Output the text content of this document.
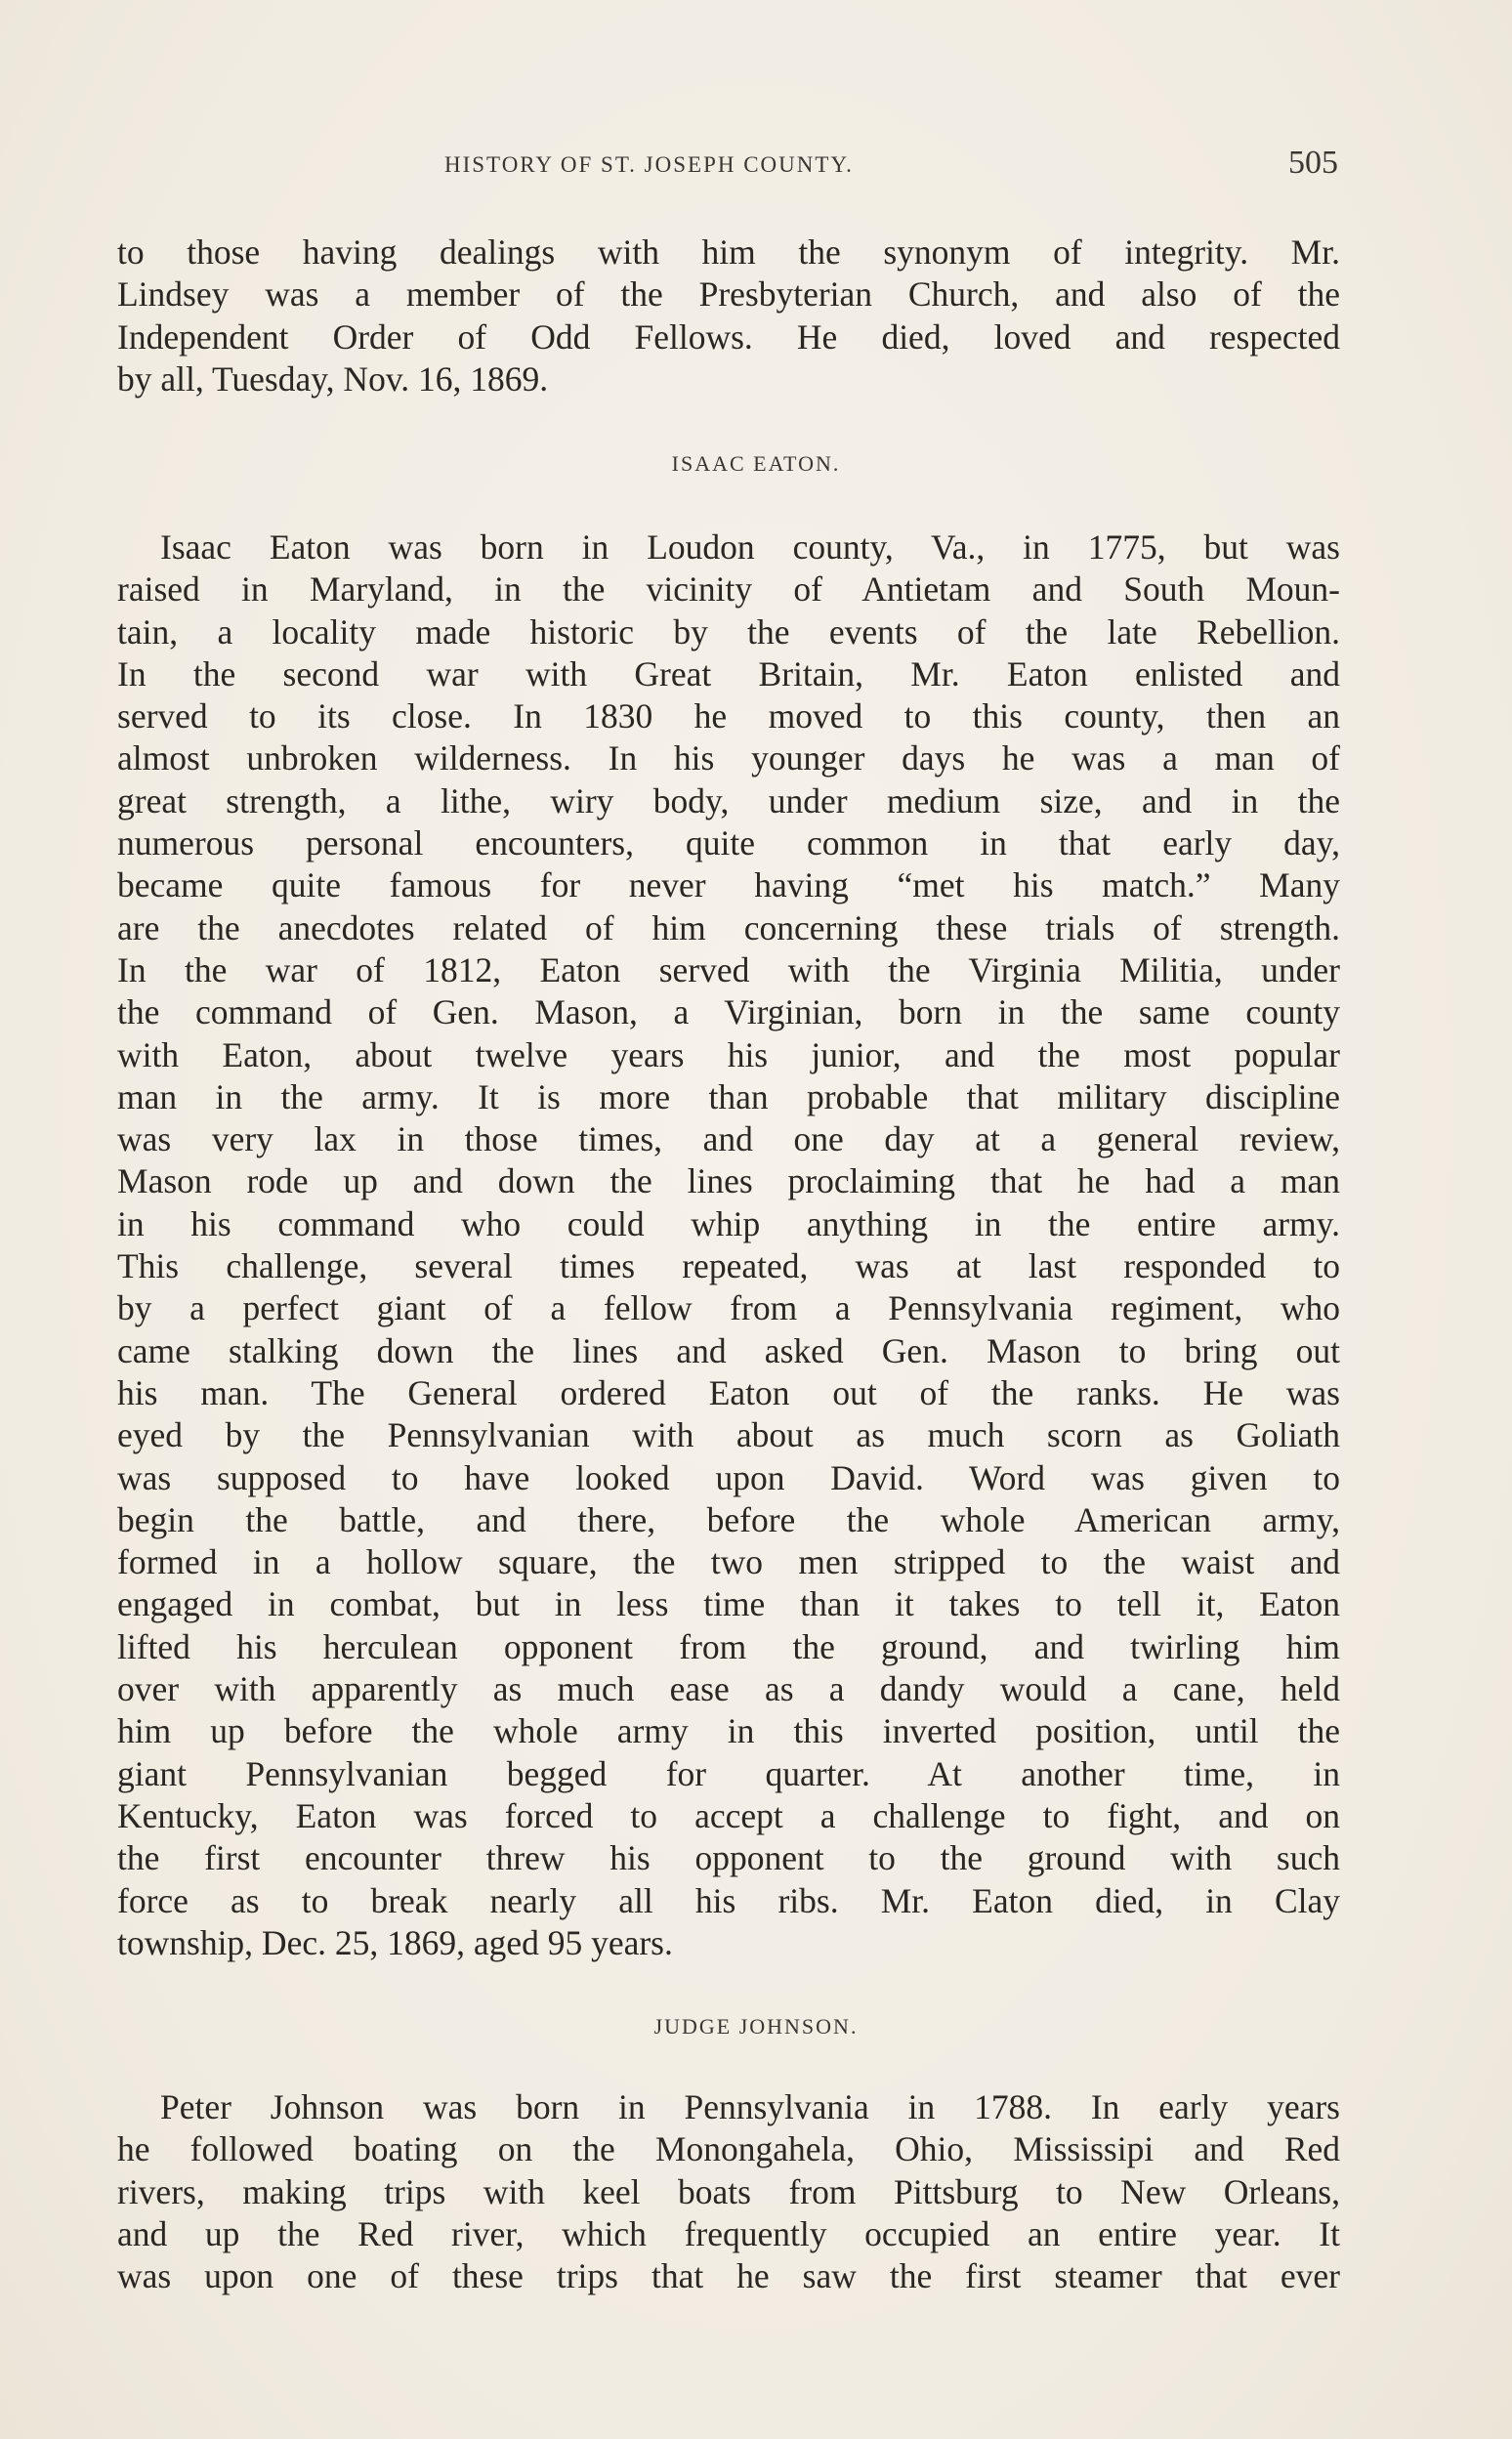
HISTORY OF ST. JOSEPH COUNTY.	505
to those having dealings with him the synonym of integrity. Mr.
Lindsey was a member of the Presbyterian Church, and also of the
Independent Order of Odd Fellows. He died, loved and respected
by all, Tuesday, Nov. 16, 1869.
ISAAC EATON.
Isaac Eaton was born in Loudon county, Va., in 1775, but was
raised in Maryland, in the vicinity of Antietam and South Moun-
tain, a locality made historic by the events of the late Rebellion.
In the second war with Great Britain, Mr. Eaton enlisted and
served to its close. In 1830 he moved to this county, then an
almost unbroken wilderness. In his younger days he was a man of
great strength, a lithe, wiry body, under medium size, and in the
numerous personal encounters, quite common in that early day,
became quite famous for never having “met his match.” Many
are the anecdotes related of him concerning these trials of strength.
In the war of 1812, Eaton served with the Virginia Militia, under
the command of Gen. Mason, a Virginian, born in the same county
with Eaton, about twelve years his junior, and the most popular
man in the army. It is more than probable that military discipline
was very lax in those times, and one day at a general review,
Mason rode up and down the lines proclaiming that he had a man
in his command who could whip anything in the entire army.
This challenge, several times repeated, was at last responded to
by a perfect giant of a fellow from a Pennsylvania regiment, who
came stalking down the lines and asked Gen. Mason to bring out
his man. The General ordered Eaton out of the ranks. He was
eyed by the Pennsylvanian with about as much scorn as Goliath
was supposed to have looked upon David. Word was given to
begin the battle, and there, before the whole American army,
formed in a hollow square, the two men stripped to the waist and
engaged in combat, but in less time than it takes to tell it, Eaton
lifted his herculean opponent from the ground, and twirling him
over with apparently as much ease as a dandy would a cane, held
him up before the whole army in this inverted position, until the
giant Pennsylvanian begged for quarter. At another time, in
Kentucky, Eaton was forced to accept a challenge to fight, and on
the first encounter threw his opponent to the ground with such
force as to break nearly all his ribs. Mr. Eaton died, in Clay
township, Dec. 25, 1869, aged 95 years.
JUDGE JOHNSON.
Peter Johnson was born in Pennsylvania in 1788. In early years
he followed boating on the Monongahela, Ohio, Mississipi and Red
rivers, making trips with keel boats from Pittsburg to New Orleans,
and up the Red river, which frequently occupied an entire year. It
was upon one of these trips that he saw the first steamer that ever
